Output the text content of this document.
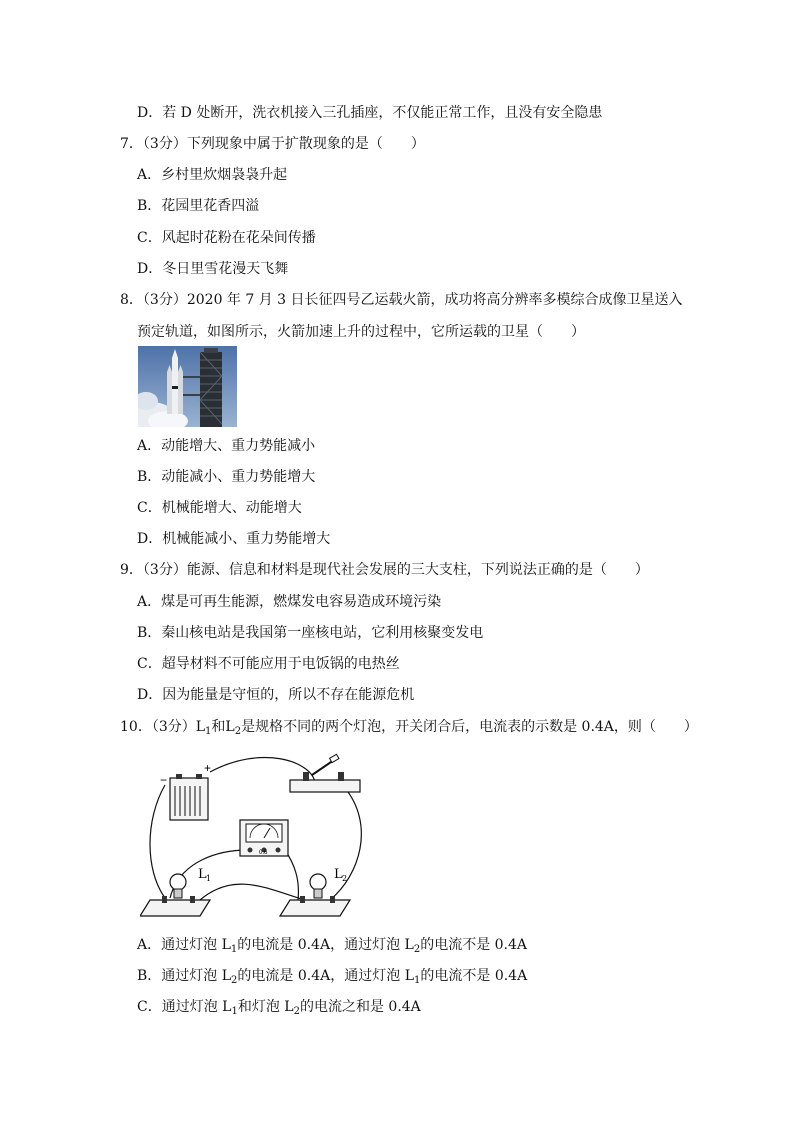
D．若 D 处断开，洗衣机接入三孔插座，不仅能正常工作，且没有安全隐患
7．（3分）下列现象中属于扩散现象的是（　　）
A．乡村里炊烟袅袅升起
B．花园里花香四溢
C．风起时花粉在花朵间传播
D．冬日里雪花漫天飞舞
8．（3分）2020 年 7 月 3 日长征四号乙运载火箭，成功将高分辨率多模综合成像卫星送入
预定轨道，如图所示，火箭加速上升的过程中，它所运载的卫星（　　）
A．动能增大、重力势能减小
B．动能减小、重力势能增大
C．机械能增大、动能增大
D．机械能减小、重力势能增大
9．（3分）能源、信息和材料是现代社会发展的三大支柱，下列说法正确的是（　　）
A．煤是可再生能源，燃煤发电容易造成环境污染
B．秦山核电站是我国第一座核电站，它利用核聚变发电
C．超导材料不可能应用于电饭锅的电热丝
D．因为能量是守恒的，所以不存在能源危机
10．（3分）$L_1$和$L_2$是规格不同的两个灯泡，开关闭合后，电流表的示数是 0.4A，则（　　）
−
+
0.6
L 1	L 2
A．通过灯泡 $L_1$的电流是 0.4A，通过灯泡 $L_2$的电流不是 0.4A
B．通过灯泡 $L_2$的电流是 0.4A，通过灯泡 $L_1$的电流不是 0.4A
C．通过灯泡 $L_1$和灯泡 $L_2$的电流之和是 0.4A
